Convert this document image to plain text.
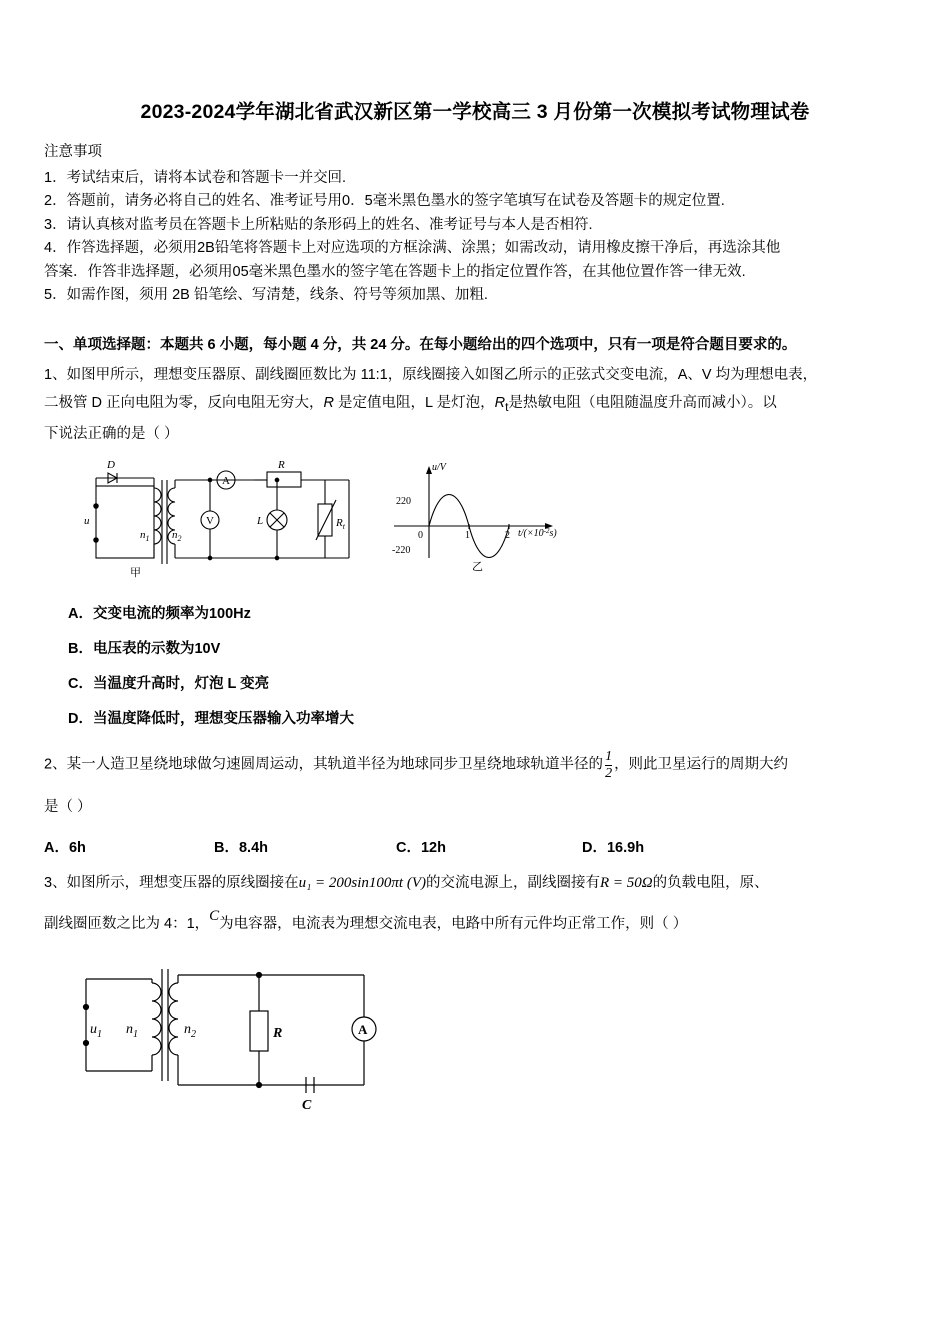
2023-2024学年湖北省武汉新区第一学校高三 3 月份第一次模拟考试物理试卷
注意事项
1．考试结束后，请将本试卷和答题卡一并交回.
2．答题前，请务必将自己的姓名、准考证号用0．5毫米黑色墨水的签字笔填写在试卷及答题卡的规定位置.
3．请认真核对监考员在答题卡上所粘贴的条形码上的姓名、准考证号与本人是否相符.
4．作答选择题，必须用2B铅笔将答题卡上对应选项的方框涂满、涂黑；如需改动，请用橡皮擦干净后，再选涂其他
答案．作答非选择题，必须用05毫米黑色墨水的签字笔在答题卡上的指定位置作答，在其他位置作答一律无效.
5．如需作图，须用 2B 铅笔绘、写清楚，线条、符号等须加黑、加粗.
一、单项选择题：本题共 6 小题，每小题 4 分，共 24 分。在每小题给出的四个选项中，只有一项是符合题目要求的。
1、如图甲所示，理想变压器原、副线圈匝数比为 11:1，原线圈接入如图乙所示的正弦式交变电流，A、V 均为理想电表，
二极管 D 正向电阻为零，反向电阻无穷大，R 是定值电阻，L 是灯泡，$R_t$是热敏电阻（电阻随温度升高而减小）。以
下说法正确的是（ ）
D	R
A
V	L
u
$n_1$ $n_2$
$R_t$
甲
u/V
220
-220
0	1	2 $t/(\times 10^{-2}s)$
乙
A．交变电流的频率为100Hz
B．电压表的示数为10V
C．当温度升高时，灯泡 L 变亮
D．当温度降低时，理想变压器输入功率增大
2、某一人造卫星绕地球做匀速圆周运动，其轨道半径为地球同步卫星绕地球轨道半径的 $\frac{1}{2}$ ，则此卫星运行的周期大约
是（ ）
A．6h	B．8.4h	C．12h	D．16.9h
3、如图所示，理想变压器的原线圈接在u₁ = 200sin100πt (V)的交流电源上，副线圈接有R = 50Ω的负载电阻，原、
副线圈匝数之比为 4：1，C为电容器，电流表为理想交流电表，电路中所有元件均正常工作，则（ ）
$u_1$ $n_1$	$n_2$	R	A
C
